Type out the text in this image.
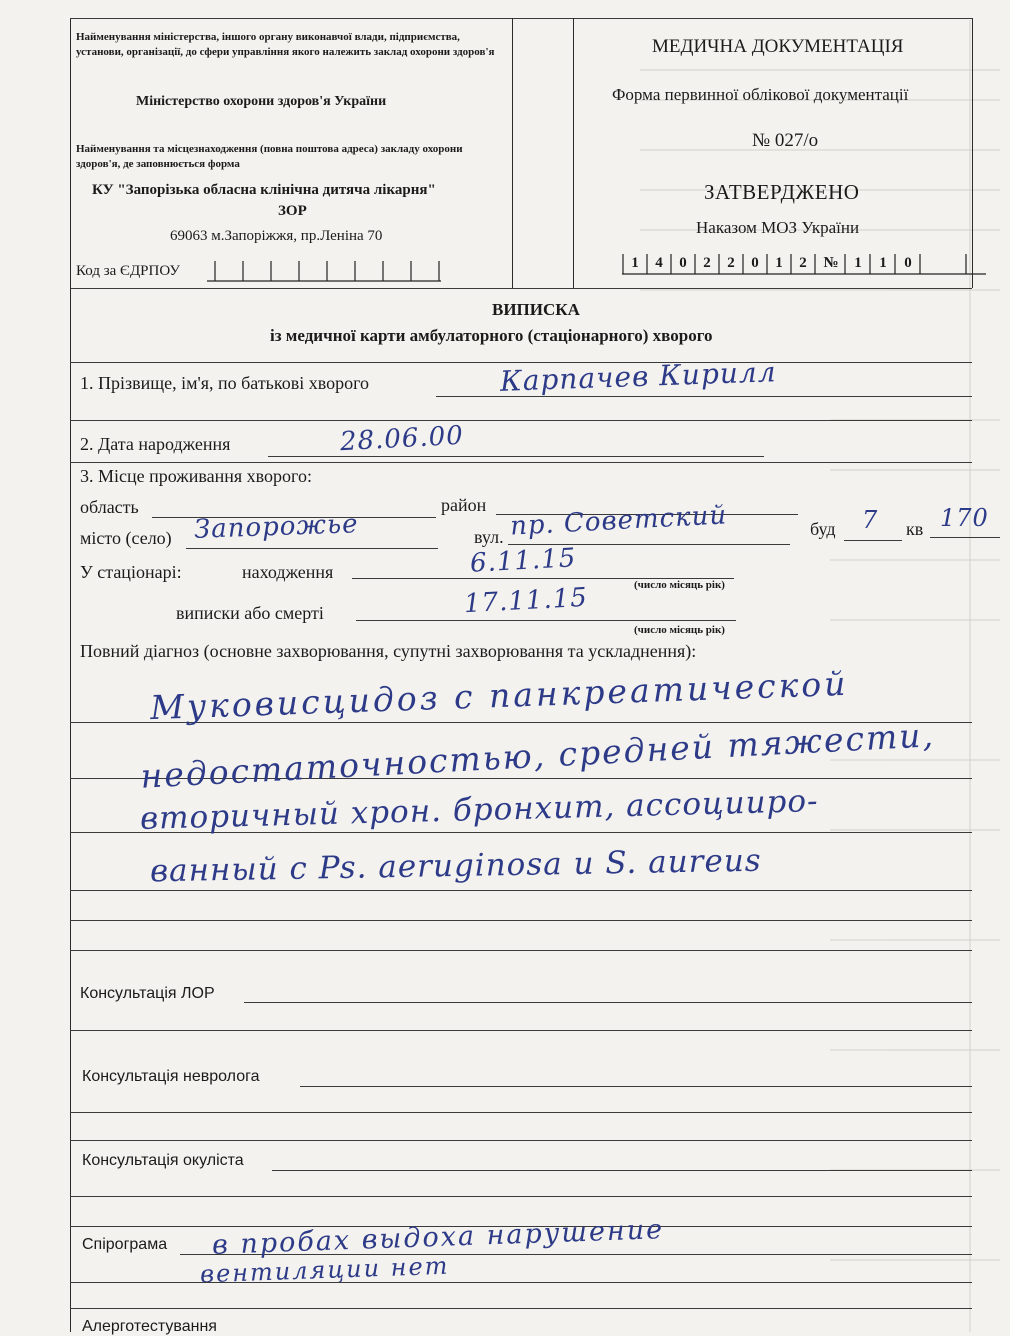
Найменування міністерства, іншого органу виконавчої влади, підприємства, установи, організації, до сфери управління якого належить заклад охорони здоров'я
Міністерство охорони здоров'я України
Найменування та місцезнаходження (повна поштова адреса) закладу охорони здоров'я, де заповнюється форма
КУ "Запорізька обласна клінічна дитяча лікарня"
ЗОР
69063 м.Запоріжжя, пр.Леніна 70
Код за ЄДРПОУ
МЕДИЧНА ДОКУМЕНТАЦІЯ
Форма первинної облікової документації
№ 027/о
ЗАТВЕРДЖЕНО
Наказом МОЗ України
1	4	0	2	2	0	1	2	№	1	1	0
ВИПИСКА
із медичної карти амбулаторного (стаціонарного) хворого
1. Прізвище, ім'я, по батькові хворого	Карпачев Кирилл
2. Дата народження	28.06.00
3. Місце проживання хворого:
область	район
місто (село) Запорожье	вул. пр. Советский	буд 7 кв 170
У стаціонарі:	находження	6.11.15
(число місяць рік)
виписки або смерті	17.11.15
(число місяць рік)
Повний діагноз (основне захворювання, супутні захворювання та ускладнення):
Муковисцидоз с панкреатической
недостаточностью, средней тяжести,
вторичный хрон. бронхит, ассоцииро-
ванный с Ps. aeruginosa и S. aureus
Консультація ЛОР
Консультація невролога
Консультація окуліста
Спірограма в пробах выдоха нарушение
вентиляции нет
Алерготестування
